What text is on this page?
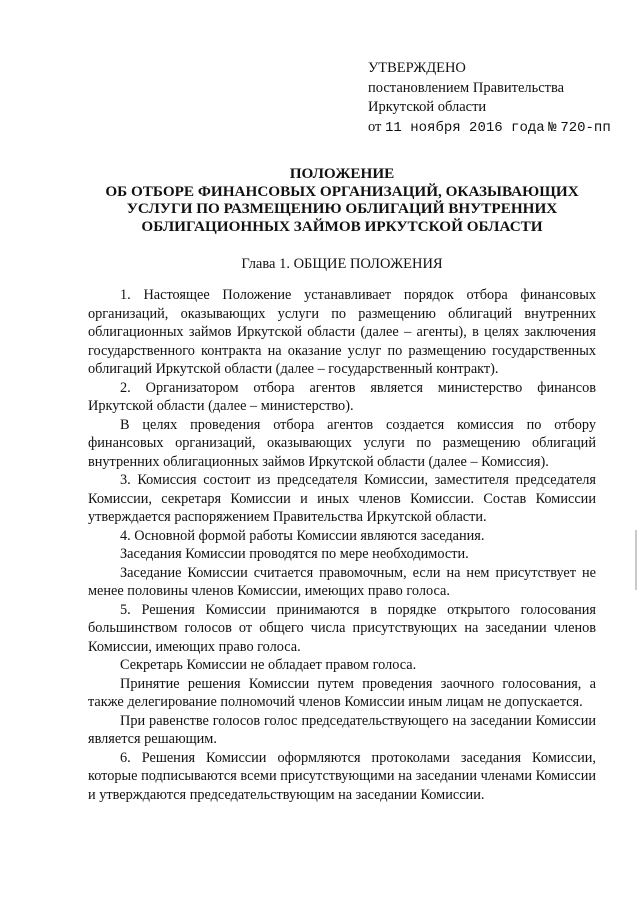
УТВЕРЖДЕНО
постановлением Правительства
Иркутской области
от 11 ноября 2016 года № 720-пп
ПОЛОЖЕНИЕ
ОБ ОТБОРЕ ФИНАНСОВЫХ ОРГАНИЗАЦИЙ, ОКАЗЫВАЮЩИХ
УСЛУГИ ПО РАЗМЕЩЕНИЮ ОБЛИГАЦИЙ ВНУТРЕННИХ
ОБЛИГАЦИОННЫХ ЗАЙМОВ ИРКУТСКОЙ ОБЛАСТИ
Глава 1. ОБЩИЕ ПОЛОЖЕНИЯ

1. Настоящее Положение устанавливает порядок отбора финансовых организаций, оказывающих услуги по размещению облигаций внутренних облигационных займов Иркутской области (далее – агенты), в целях заключения государственного контракта на оказание услуг по размещению государственных облигаций Иркутской области (далее – государственный контракт).

2. Организатором отбора агентов является министерство финансов Иркутской области (далее – министерство).

В целях проведения отбора агентов создается комиссия по отбору финансовых организаций, оказывающих услуги по размещению облигаций внутренних облигационных займов Иркутской области (далее – Комиссия).

3. Комиссия состоит из председателя Комиссии, заместителя председателя Комиссии, секретаря Комиссии и иных членов Комиссии. Состав Комиссии утверждается распоряжением Правительства Иркутской области.

4. Основной формой работы Комиссии являются заседания.

Заседания Комиссии проводятся по мере необходимости.

Заседание Комиссии считается правомочным, если на нем присутствует не менее половины членов Комиссии, имеющих право голоса.

5. Решения Комиссии принимаются в порядке открытого голосования большинством голосов от общего числа присутствующих на заседании членов Комиссии, имеющих право голоса.

Секретарь Комиссии не обладает правом голоса.

Принятие решения Комиссии путем проведения заочного голосования, а также делегирование полномочий членов Комиссии иным лицам не допускается.

При равенстве голосов голос председательствующего на заседании Комиссии является решающим.

6. Решения Комиссии оформляются протоколами заседания Комиссии, которые подписываются всеми присутствующими на заседании членами Комиссии и утверждаются председательствующим на заседании Комиссии.
